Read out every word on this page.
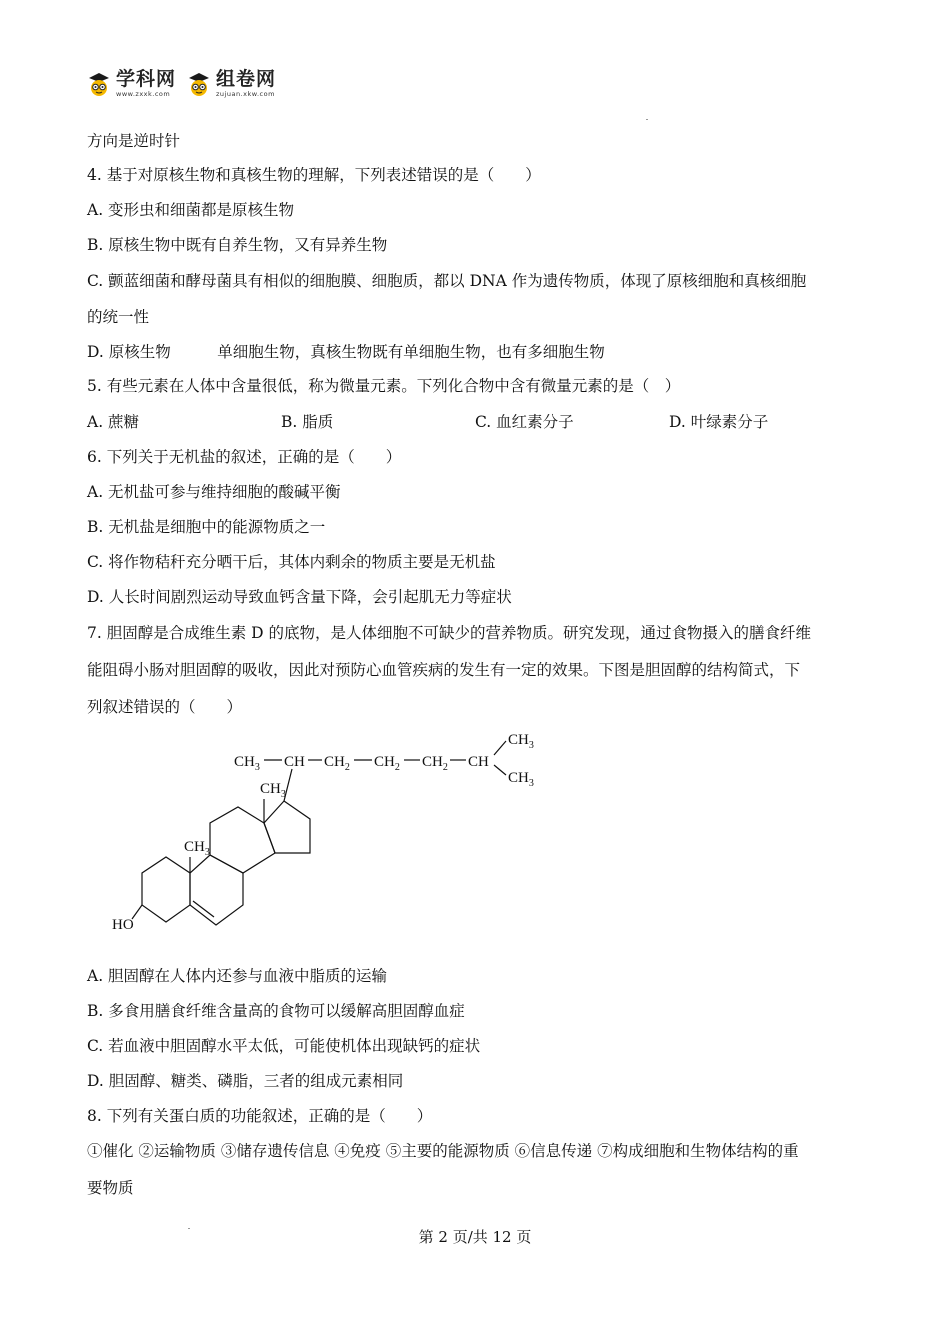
学科网
www.zxxk.com
组卷网
zujuan.xkw.com
方向是逆时针
4. 基于对原核生物和真核生物的理解，下列表述错误的是（　　）
A. 变形虫和细菌都是原核生物
B. 原核生物中既有自养生物，又有异养生物
C. 颤蓝细菌和酵母菌具有相似的细胞膜、细胞质，都以 DNA 作为遗传物质，体现了原核细胞和真核细胞
的统一性
D. 原核生物　　　单细胞生物，真核生物既有单细胞生物，也有多细胞生物
5. 有些元素在人体中含量很低，称为微量元素。下列化合物中含有微量元素的是（　）
A. 蔗糖	B. 脂质	C. 血红素分子	D. 叶绿素分子
6. 下列关于无机盐的叙述，正确的是（　　）
A. 无机盐可参与维持细胞的酸碱平衡
B. 无机盐是细胞中的能源物质之一
C. 将作物秸秆充分晒干后，其体内剩余的物质主要是无机盐
D. 人长时间剧烈运动导致血钙含量下降，会引起肌无力等症状
7. 胆固醇是合成维生素 D 的底物，是人体细胞不可缺少的营养物质。研究发现，通过食物摄入的膳食纤维
能阻碍小肠对胆固醇的吸收，因此对预防心血管疾病的发生有一定的效果。下图是胆固醇的结构简式，下
列叙述错误的（　　）
$CH_3$ CH $CH_2$ $CH_2$ $CH_2$ CH
$CH_3$
$CH_3$
$CH_3$
$CH_3$
HO
A. 胆固醇在人体内还参与血液中脂质的运输
B. 多食用膳食纤维含量高的食物可以缓解高胆固醇血症
C. 若血液中胆固醇水平太低，可能使机体出现缺钙的症状
D. 胆固醇、糖类、磷脂，三者的组成元素相同
8. 下列有关蛋白质的功能叙述，正确的是（　　）
①催化 ②运输物质 ③储存遗传信息 ④免疫 ⑤主要的能源物质 ⑥信息传递 ⑦构成细胞和生物体结构的重
要物质
第 2 页/共 12 页
